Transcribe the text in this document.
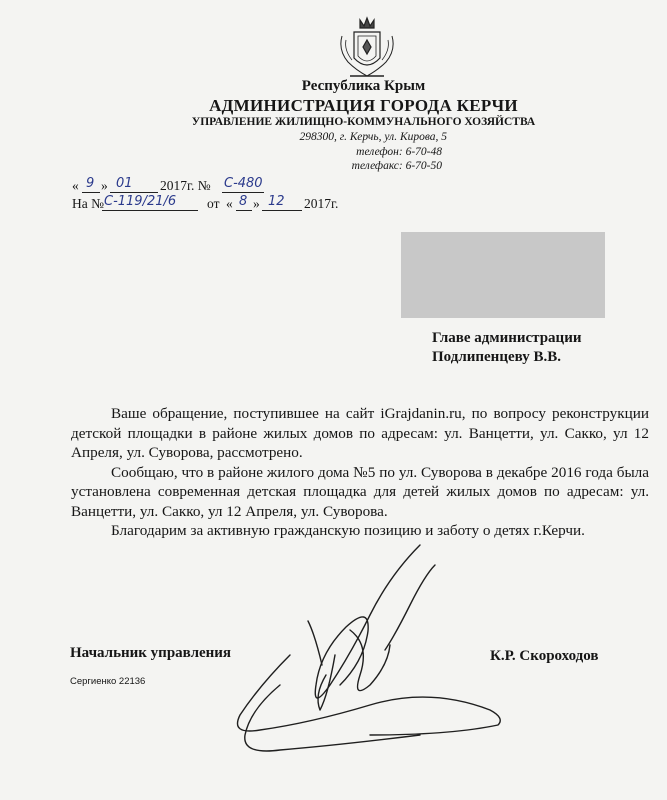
Республика Крым
АДМИНИСТРАЦИЯ ГОРОДА КЕРЧИ
УПРАВЛЕНИЕ ЖИЛИЩНО-КОММУНАЛЬНОГО ХОЗЯЙСТВА
298300, г. Керчь, ул. Кирова, 5
телефон: 6-70-48
телефакс: 6-70-50
« 9 » 01 2017г. № С-480
На № С-119/21/6 от « 8 » 12 2017г.
Главе администрации
Подлипенцеву В.В.

Ваше обращение, поступившее на сайт iGrajdanin.ru, по вопросу реконструкции детской площадки в районе жилых домов по адресам: ул. Ванцетти, ул. Сакко, ул 12 Апреля, ул. Суворова, рассмотрено.

Сообщаю, что в районе жилого дома №5 по ул. Суворова в декабре 2016 года была установлена современная детская площадка для детей жилых домов по адресам: ул. Ванцетти, ул. Сакко, ул 12 Апреля, ул. Суворова.

Благодарим за активную гражданскую позицию и заботу о детях г.Керчи.

Начальник управления	К.Р. Скороходов
Сергиенко 22136
